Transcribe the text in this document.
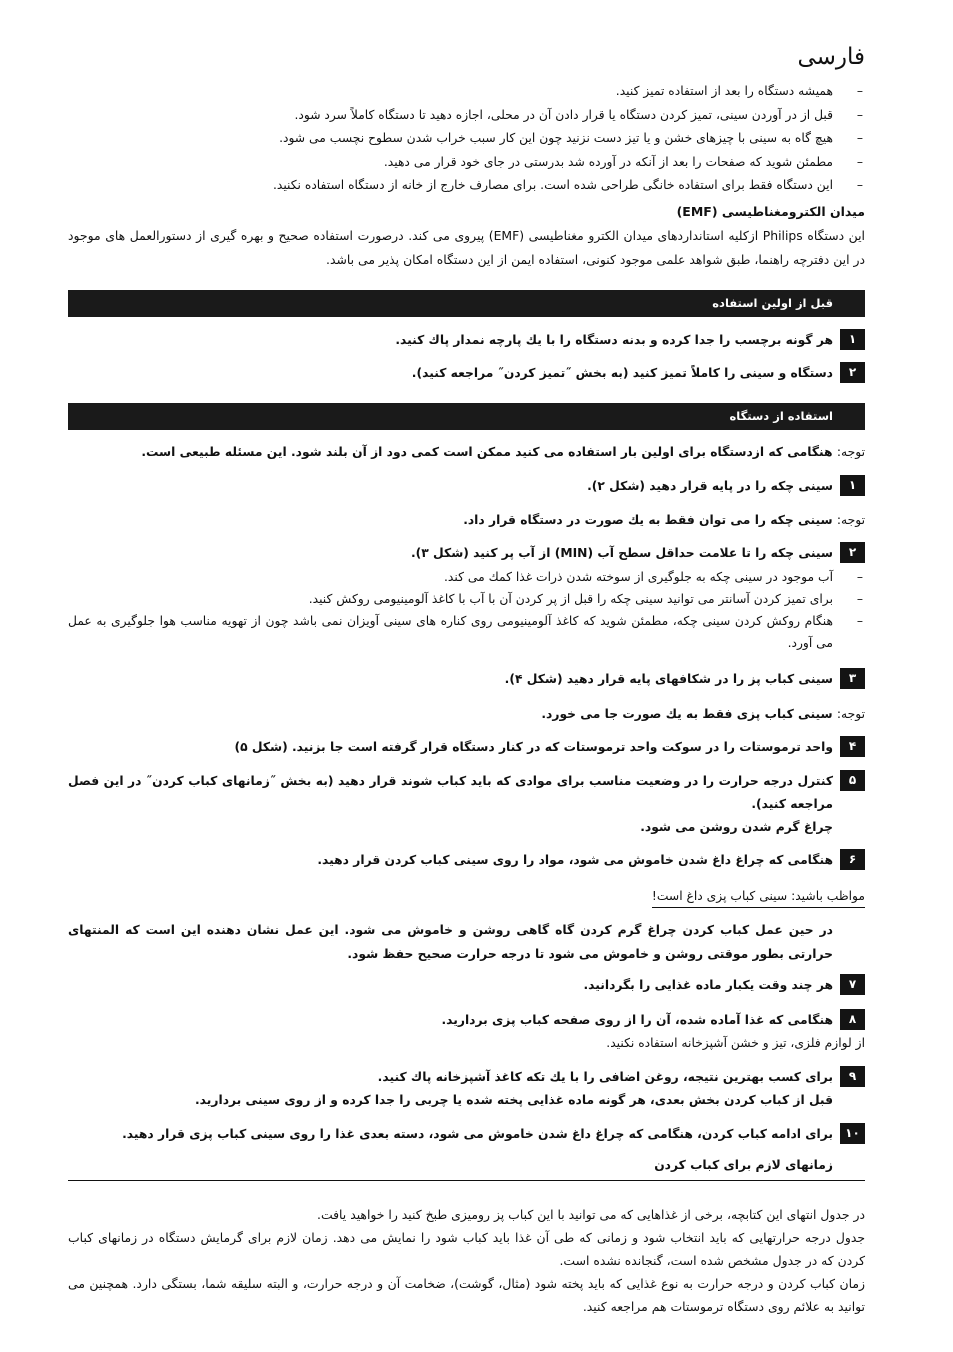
فارسی
– همیشه دستگاه را بعد از استفاده تمیز کنید.
– قبل از در آوردن سینی، تمیز کردن دستگاه یا قرار دادن آن در محلی، اجازه دهید تا دستگاه کاملاً سرد شود.
– هیچ گاه به سینی با چیزهای خشن و یا تیز دست نزنید چون این کار سبب خراب شدن سطوح نچسب می شود.
– مطمئن شوید که صفحات را بعد از آنکه در آورده شد بدرستی در جای خود قرار می دهید.
– این دستگاه فقط برای استفاده خانگی طراحی شده است. برای مصارف خارج از خانه از دستگاه استفاده نکنید.
میدان الکترومغناطیسی (EMF)
این دستگاه Philips ازکلیه استانداردهای میدان الکترو مغناطیسی (EMF) پیروی می کند. درصورت استفاده صحیح و بهره گیری از دستورالعمل های موجود در این دفترچه راهنما، طبق شواهد علمی موجود کنونی، استفاده ایمن از این دستگاه امکان پذیر می باشد.
قبل از اولین استفاده
۱
هر گونه برچسب را جدا کرده و بدنه دستگاه را با یك پارچه نمدار پاك كنيد.
۲
دستگاه و سینی را کاملاً تمیز کنید (به بخش ˝تمیز کردن˝ مراجعه کنید).
استفاده از دستگاه
توجه: هنگامی که ازدستگاه برای اولین بار استفاده می کنید ممکن است کمی دود از آن بلند شود. این مسئله طبیعی است.
۱
سینی چکه را در پایه قرار دهید (شکل ۲).
توجه: سینی چکه را می توان فقط به یك صورت در دستگاه قرار داد.
۲
سینی چکه را تا علامت حداقل سطح آب (MIN) از آب پر کنید (شکل ۳).
– آب موجود در سینی چکه به جلوگیری از سوخته شدن ذرات غذا کمك می کند.
– برای تمیز کردن آسانتر می توانید سینی چکه را قبل از پر کردن آن با آب با کاغذ آلومینیومی روکش کنید.
– هنگام روکش کردن سینی چکه، مطمئن شوید که کاغذ آلومینیومی روی کناره های سینی آویزان نمی باشد چون از تهویه مناسب هوا جلوگیری به عمل می آورد.
۳
سینی کباب پز را در شکافهای پایه قرار دهید (شکل ۴).
توجه: سینی کباب پزی فقط به یك صورت جا می خورد.
۴
واحد ترموستات را در سوکت واحد ترموستات که در کنار دستگاه قرار گرفته است جا بزنید. (شکل ۵)
۵
کنترل درجه حرارت را در وضعیت مناسب برای موادی که باید کباب شوند قرار دهید (به بخش ˝زمانهای کباب کردن˝ در این فصل مراجعه کنید).
چراغ گرم شدن روشن می شود.
۶
هنگامی که چراغ داغ شدن خاموش می شود، مواد را روی سینی کباب کردن قرار دهید.
مواظب باشید: سینی کباب پزی داغ است!
در حین عمل کباب کردن چراغ گرم کردن گاه گاهی روشن و خاموش می شود. این عمل نشان دهنده این است که المنتهای حرارتی بطور موقتی روشن و خاموش می شود تا درجه حرارت صحیح حفظ شود.
۷
هر چند وقت یکبار ماده غذایی را بگردانید.
۸
هنگامی که غذا آماده شده، آن را از روی صفحه کباب پزی بردارید.
از لوازم فلزی، تیز و خشن آشپزخانه استفاده نکنید.
۹
برای کسب بهترین نتیجه، روغن اضافی را با یك تکه کاغذ آشپزخانه پاك کنید.
قبل از کباب کردن بخش بعدی، هر گونه ماده غذایی پخته شده یا چربی را جدا کرده و از روی سینی برداريد.
۱۰
برای ادامه کباب کردن، هنگامی که چراغ داغ شدن خاموش می شود، دسته بعدی غذا را روی سینی کباب پزی قرار دهید.
زمانهای لازم برای کباب کردن

در جدول انتهای این کتابچه، برخی از غذاهایی که می توانید با این کباب پز رومیزی طبخ کنید را خواهید یافت.

جدول درجه حرارتهایی که باید انتخاب شود و زمانی که طی آن غذا باید کباب شود را نمایش می دهد. زمان لازم برای گرمایش دستگاه در زمانهای کباب کردن که در جدول مشخص شده است، گنجانده نشده است.

زمان کباب کردن و درجه حرارت به نوع غذایی که باید پخته شود (مثال، گوشت)، ضخامت آن و درجه حرارت، و البته سلیقه شما، بستگی دارد. همچنین می توانید به علائم روی دستگاه ترموستات هم مراجعه کنید.
